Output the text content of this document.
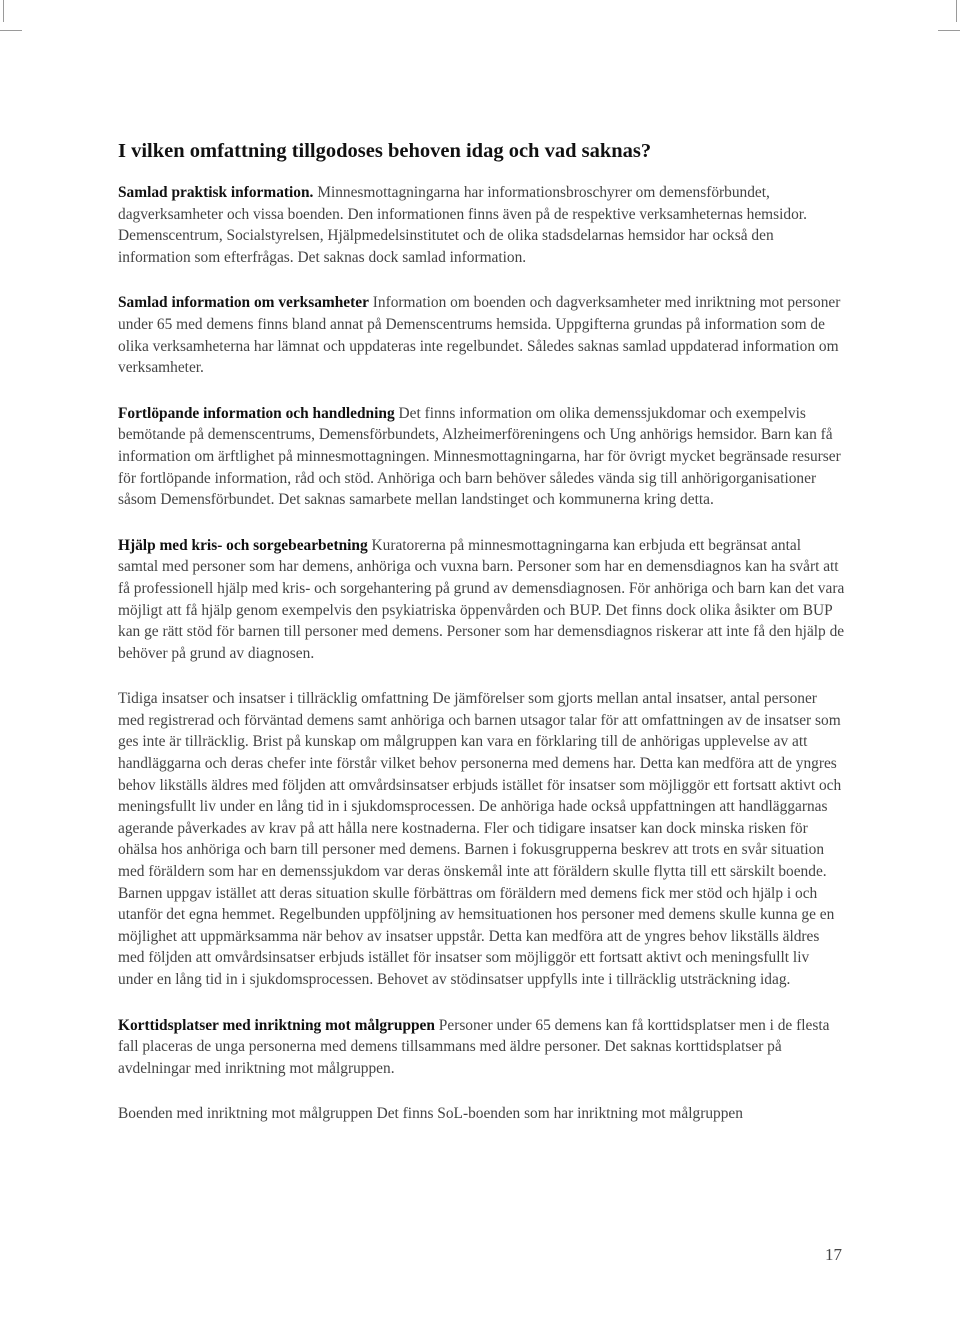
I vilken omfattning tillgodoses behoven idag och vad saknas?

Samlad praktisk information. Minnesmottagningarna har informationsbroschyrer om demensförbundet, dagverksamheter och vissa boenden. Den informationen finns även på de respektive verksamheternas hemsidor. Demenscentrum, Socialstyrelsen, Hjälpmedelsinstitutet och de olika stadsdelarnas hemsidor har också den information som efterfrågas. Det saknas dock samlad information.

Samlad information om verksamheter Information om boenden och dagverksamheter med inriktning mot personer under 65 med demens finns bland annat på Demenscentrums hemsida. Uppgifterna grundas på information som de olika verksamheterna har lämnat och uppdateras inte regelbundet. Således saknas samlad uppdaterad information om verksamheter.

Fortlöpande information och handledning Det finns information om olika demenssjukdomar och exempelvis bemötande på demenscentrums, Demensförbundets, Alzheimerföreningens och Ung anhörigs hemsidor. Barn kan få information om ärftlighet på minnesmottagningen. Minnesmottagningarna, har för övrigt mycket begränsade resurser för fortlöpande information, råd och stöd. Anhöriga och barn behöver således vända sig till anhörigorganisationer såsom Demensförbundet. Det saknas samarbete mellan landstinget och kommunerna kring detta.

Hjälp med kris- och sorgebearbetning Kuratorerna på minnesmottagningarna kan erbjuda ett begränsat antal samtal med personer som har demens, anhöriga och vuxna barn. Personer som har en demensdiagnos kan ha svårt att få professionell hjälp med kris- och sorgehantering på grund av demensdiagnosen. För anhöriga och barn kan det vara möjligt att få hjälp genom exempelvis den psykiatriska öppenvården och BUP. Det finns dock olika åsikter om BUP kan ge rätt stöd för barnen till personer med demens. Personer som har demensdiagnos riskerar att inte få den hjälp de behöver på grund av diagnosen.

Tidiga insatser och insatser i tillräcklig omfattning De jämförelser som gjorts mellan antal insatser, antal personer med registrerad och förväntad demens samt anhöriga och barnen utsagor talar för att omfattningen av de insatser som ges inte är tillräcklig. Brist på kunskap om målgruppen kan vara en förklaring till de anhörigas upplevelse av att handläggarna och deras chefer inte förstår vilket behov personerna med demens har. Detta kan medföra att de yngres behov likställs äldres med följden att omvårdsinsatser erbjuds istället för insatser som möjliggör ett fortsatt aktivt och meningsfullt liv under en lång tid in i sjukdomsprocessen. De anhöriga hade också uppfattningen att handläggarnas agerande påverkades av krav på att hålla nere kostnaderna. Fler och tidigare insatser kan dock minska risken för ohälsa hos anhöriga och barn till personer med demens. Barnen i fokusgrupperna beskrev att trots en svår situation med föräldern som har en demenssjukdom var deras önskemål inte att föräldern skulle flytta till ett särskilt boende. Barnen uppgav istället att deras situation skulle förbättras om föräldern med demens fick mer stöd och hjälp i och utanför det egna hemmet. Regelbunden uppföljning av hemsituationen hos personer med demens skulle kunna ge en möjlighet att uppmärksamma när behov av insatser uppstår. Detta kan medföra att de yngres behov likställs äldres med följden att omvårdsinsatser erbjuds istället för insatser som möjliggör ett fortsatt aktivt och meningsfullt liv under en lång tid in i sjukdomsprocessen. Behovet av stödinsatser uppfylls inte i tillräcklig utsträckning idag.

Korttidsplatser med inriktning mot målgruppen Personer under 65 demens kan få korttidsplatser men i de flesta fall placeras de unga personerna med demens tillsammans med äldre personer. Det saknas korttidsplatser på avdelningar med inriktning mot målgruppen.

Boenden med inriktning mot målgruppen Det finns SoL-boenden som har inriktning mot målgruppen

17
